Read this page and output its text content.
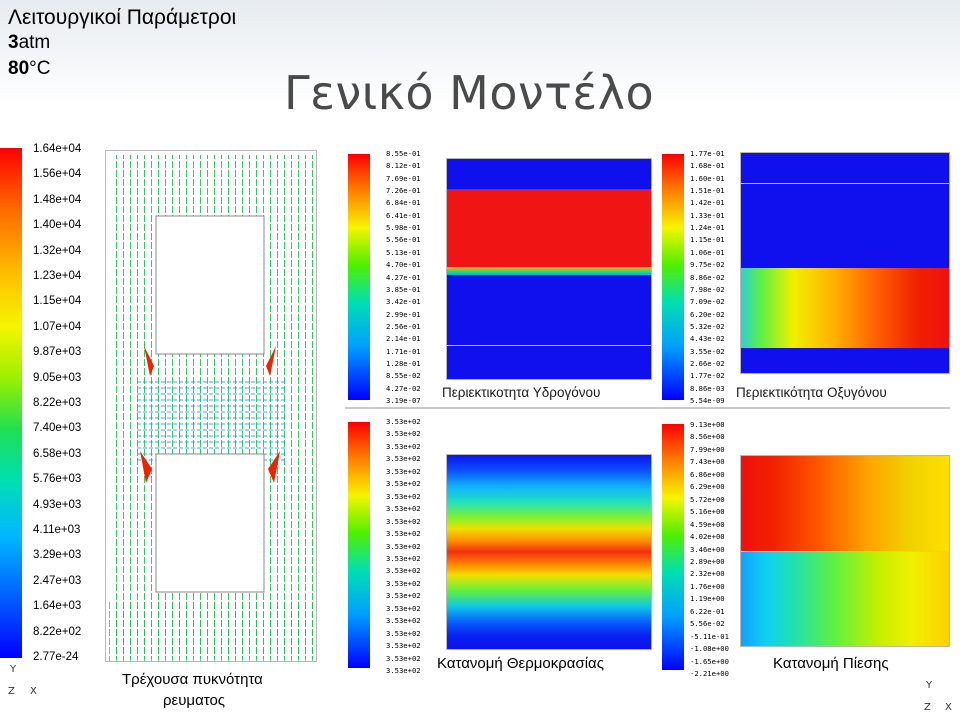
Λειτουργικοί Παράμετροι
3atm
80°C	Γενικό Μοντέλο
1.64e+04
1.56e+04
1.48e+04
1.40e+04
1.32e+04
1.23e+04
1.15e+04
1.07e+04
9.87e+03
9.05e+03
8.22e+03
7.40e+03
6.58e+03
5.76e+03
4.93e+03
4.11e+03
3.29e+03
2.47e+03
1.64e+03
8.22e+02
2.77e-24
Y
Z X
Τρέχουσα πυκνότητα
ρευματος
8.55e-01
8.12e-01
7.69e-01
7.26e-01
6.84e-01
6.41e-01
5.98e-01
5.56e-01
5.13e-01
4.70e-01
4.27e-01
3.85e-01
3.42e-01
2.99e-01
2.56e-01
2.14e-01
1.71e-01
1.28e-01
8.55e-02
4.27e-02
3.19e-07
Περιεκτικοτητα Υδρογόνου
1.77e-01
1.68e-01
1.60e-01
1.51e-01
1.42e-01
1.33e-01
1.24e-01
1.15e-01
1.06e-01
9.75e-02
8.86e-02
7.98e-02
7.09e-02
6.20e-02
5.32e-02
4.43e-02
3.55e-02
2.66e-02
1.77e-02
8.86e-03
5.54e-09
Περιεκτικότητα Οξυγόνου
3.53e+02
3.53e+02
3.53e+02
3.53e+02
3.53e+02
3.53e+02
3.53e+02
3.53e+02
3.53e+02
3.53e+02
3.53e+02
3.53e+02
3.53e+02
3.53e+02
3.53e+02
3.53e+02
3.53e+02
3.53e+02
3.53e+02
3.53e+02
3.53e+02 Κατανομή Θερμοκρασίας
9.13e+00
8.56e+00
7.99e+00
7.43e+00
6.86e+00
6.29e+00
5.72e+00
5.16e+00
4.59e+00
4.02e+00
3.46e+00
2.89e+00
2.32e+00
1.76e+00
1.19e+00
6.22e-01
5.56e-02
-5.11e-01
-1.08e+00
-1.65e+00
-2.21e+00
Κατανομή Πίεσης
Y
Z X
